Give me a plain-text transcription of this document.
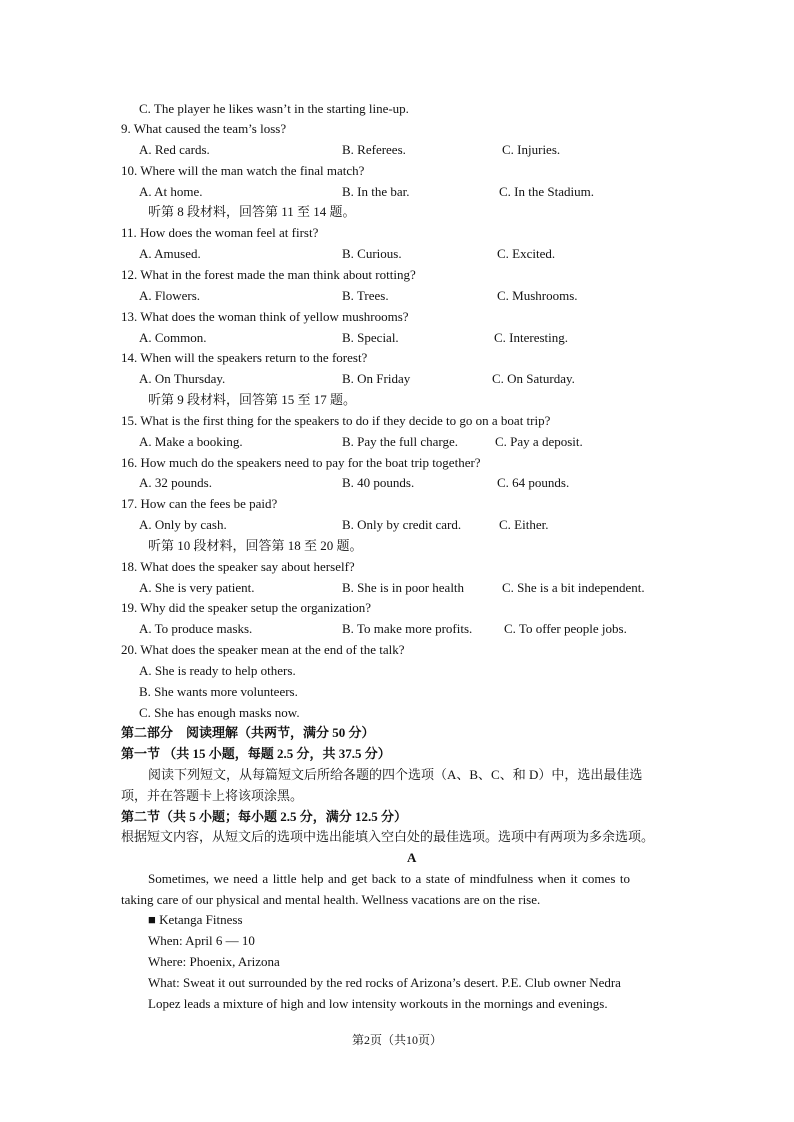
C. The player he likes wasn’t in the starting line-up.
9. What caused the team’s loss?
A. Red cards.	B. Referees.	C. Injuries.
10. Where will the man watch the final match?
A. At home.	B. In the bar.	C. In the Stadium.
听第 8 段材料，回答第 11 至 14 题。
11. How does the woman feel at first?
A. Amused.	B. Curious.	C. Excited.
12. What in the forest made the man think about rotting?
A. Flowers.	B. Trees.	C. Mushrooms.
13. What does the woman think of yellow mushrooms?
A. Common.	B. Special.	C. Interesting.
14. When will the speakers return to the forest?
A. On Thursday.	B. On Friday	C. On Saturday.
听第 9 段材料，回答第 15 至 17 题。
15. What is the first thing for the speakers to do if they decide to go on a boat trip?
A. Make a booking.	B. Pay the full charge.	C. Pay a deposit.
16. How much do the speakers need to pay for the boat trip together?
A. 32 pounds.	B. 40 pounds.	C. 64 pounds.
17. How can the fees be paid?
A. Only by cash.	B. Only by credit card.	C. Either.
听第 10 段材料，回答第 18 至 20 题。
18. What does the speaker say about herself?
A. She is very patient.	B. She is in poor health	C. She is a bit independent.
19. Why did the speaker setup the organization?
A. To produce masks.	B. To make more profits. C. To offer people jobs.
20. What does the speaker mean at the end of the talk?
A. She is ready to help others.
B. She wants more volunteers.
C. She has enough masks now.
第二部分　阅读理解（共两节，满分 50 分）
第一节 （共 15 小题，每题 2.5 分，共 37.5 分）
阅读下列短文，从每篇短文后所给各题的四个选项（A、B、C、和 D）中，选出最佳选
项，并在答题卡上将该项涂黑。
第二节（共 5 小题；每小题 2.5 分，满分 12.5 分）
根据短文内容，从短文后的选项中选出能填入空白处的最佳选项。选项中有两项为多余选项。
A
Sometimes, we need a little help and get back to a state of mindfulness when it comes to
taking care of our physical and mental health. Wellness vacations are on the rise.
■ Ketanga Fitness
When: April 6 — 10
Where: Phoenix, Arizona
What: Sweat it out surrounded by the red rocks of Arizona’s desert. P.E. Club owner Nedra
Lopez leads a mixture of high and low intensity workouts in the mornings and evenings.
第2页（共10页）
